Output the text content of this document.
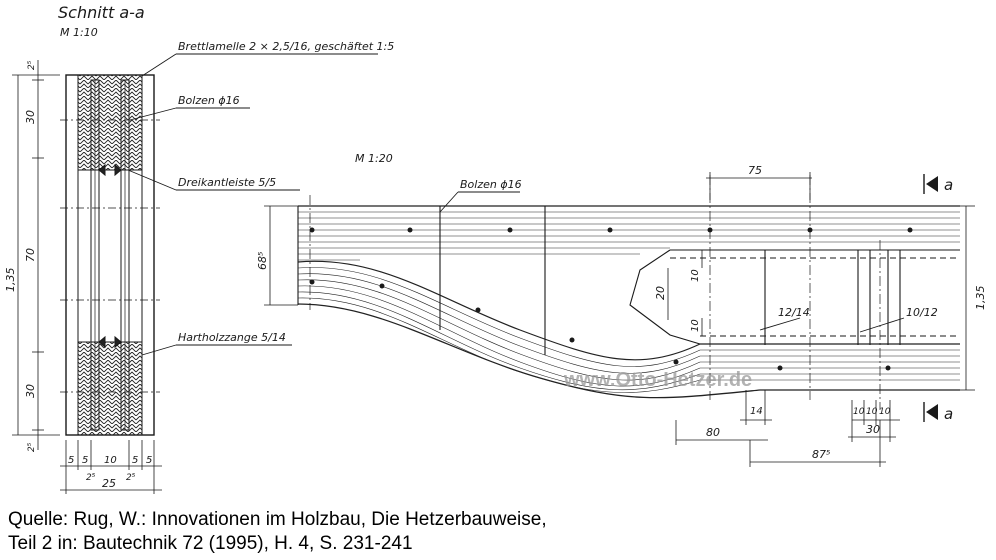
Schnitt a-a
M 1:10
Brettlamelle 2 × 2,5/16, geschäftet 1:5
Bolzen ϕ16
Dreikantleiste 5/5
Hartholzzange 5/14
2⁵
30
70
30
2⁵
1,35
5 5 10 5 5
2⁵	2⁵
25
M 1:20
Bolzen ϕ16
12/14	10/12
a
a
75
68⁵
1,35
20
10
10
14
80
87⁵
10 10 10
30
www.Otto-Hetzer.de
Quelle: Rug, W.: Innovationen im Holzbau, Die Hetzerbauweise,
Teil 2 in: Bautechnik 72 (1995), H. 4, S. 231-241
